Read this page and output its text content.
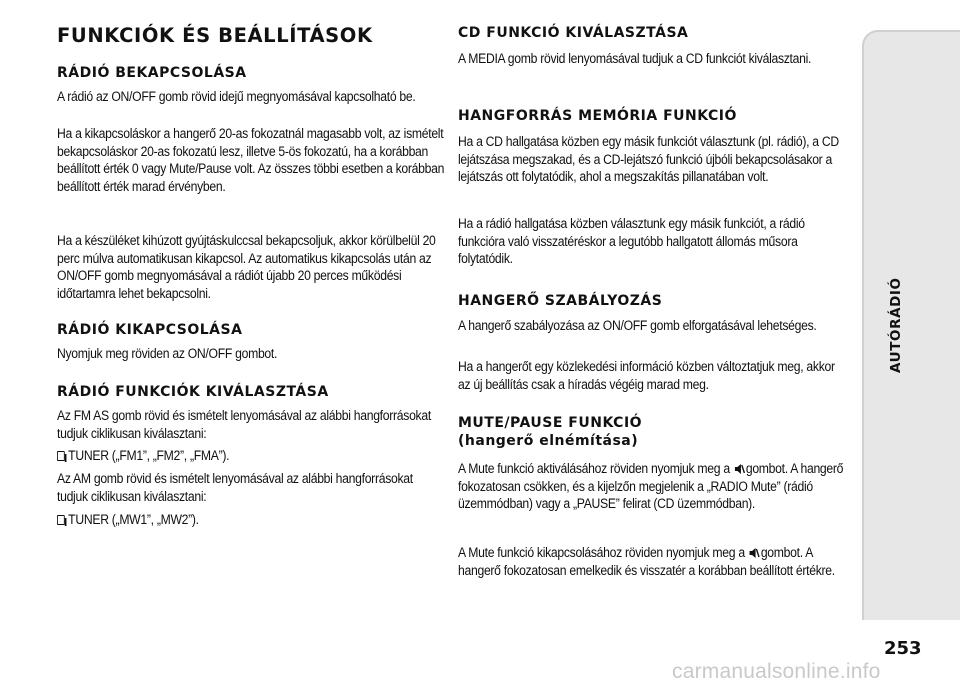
FUNKCIÓK ÉS BEÁLLÍTÁSOK
RÁDIÓ BEKAPCSOLÁSA

A rádió az ON/OFF gomb rövid idejű megnyomásával kapcsolható be.

Ha a kikapcsoláskor a hangerő 20-as fokozatnál magasabb volt, az ismételt bekapcsoláskor 20-as fokozatú lesz, illetve 5-ös fokozatú, ha a korábban beállított érték 0 vagy Mute/Pause volt. Az összes többi esetben a korábban beállított érték marad érvényben.

Ha a készüléket kihúzott gyújtáskulccsal bekapcsoljuk, akkor körülbelül 20 perc múlva automatikusan kikapcsol. Az automatikus kikapcsolás után az ON/OFF gomb megnyomásával a rádiót újabb 20 perces működési időtartamra lehet bekapcsolni.

RÁDIÓ KIKAPCSOLÁSA

Nyomjuk meg röviden az ON/OFF gombot.

RÁDIÓ FUNKCIÓK KIVÁLASZTÁSA

Az FM AS gomb rövid és ismételt lenyomásával az alábbi hangforrásokat tudjuk ciklikusan kiválasztani:

TUNER („FM1”, „FM2”, „FMA”).

Az AM gomb rövid és ismételt lenyomásával az alábbi hangforrásokat tudjuk ciklikusan kiválasztani:

TUNER („MW1”, „MW2”).

CD FUNKCIÓ KIVÁLASZTÁSA

A MEDIA gomb rövid lenyomásával tudjuk a CD funkciót kiválasztani.

HANGFORRÁS MEMÓRIA FUNKCIÓ

Ha a CD hallgatása közben egy másik funkciót választunk (pl. rádió), a CD lejátszása megszakad, és a CD-lejátszó funkció újbóli bekapcsolásakor a lejátszás ott folytatódik, ahol a megszakítás pillanatában volt.

Ha a rádió hallgatása közben választunk egy másik funkciót, a rádió funkcióra való visszatéréskor a legutóbb hallgatott állomás műsora folytatódik.

HANGERŐ SZABÁLYOZÁS

A hangerő szabályozása az ON/OFF gomb elforgatásával lehetséges.

Ha a hangerőt egy közlekedési információ közben változtatjuk meg, akkor az új beállítás csak a híradás végéig marad meg.

MUTE/PAUSE FUNKCIÓ
(hangerő elnémítása)

A Mute funkció aktiválásához röviden nyomjuk meg a gombot. A hangerő fokozatosan csökken, és a kijelzőn megjelenik a „RADIO Mute” (rádió üzemmódban) vagy a „PAUSE” felirat (CD üzemmódban).

A Mute funkció kikapcsolásához röviden nyomjuk meg a gombot. A hangerő fokozatosan emelkedik és visszatér a korábban beállított értékre.

AUTÓRÁDIÓ
253
carmanualsonline.info
